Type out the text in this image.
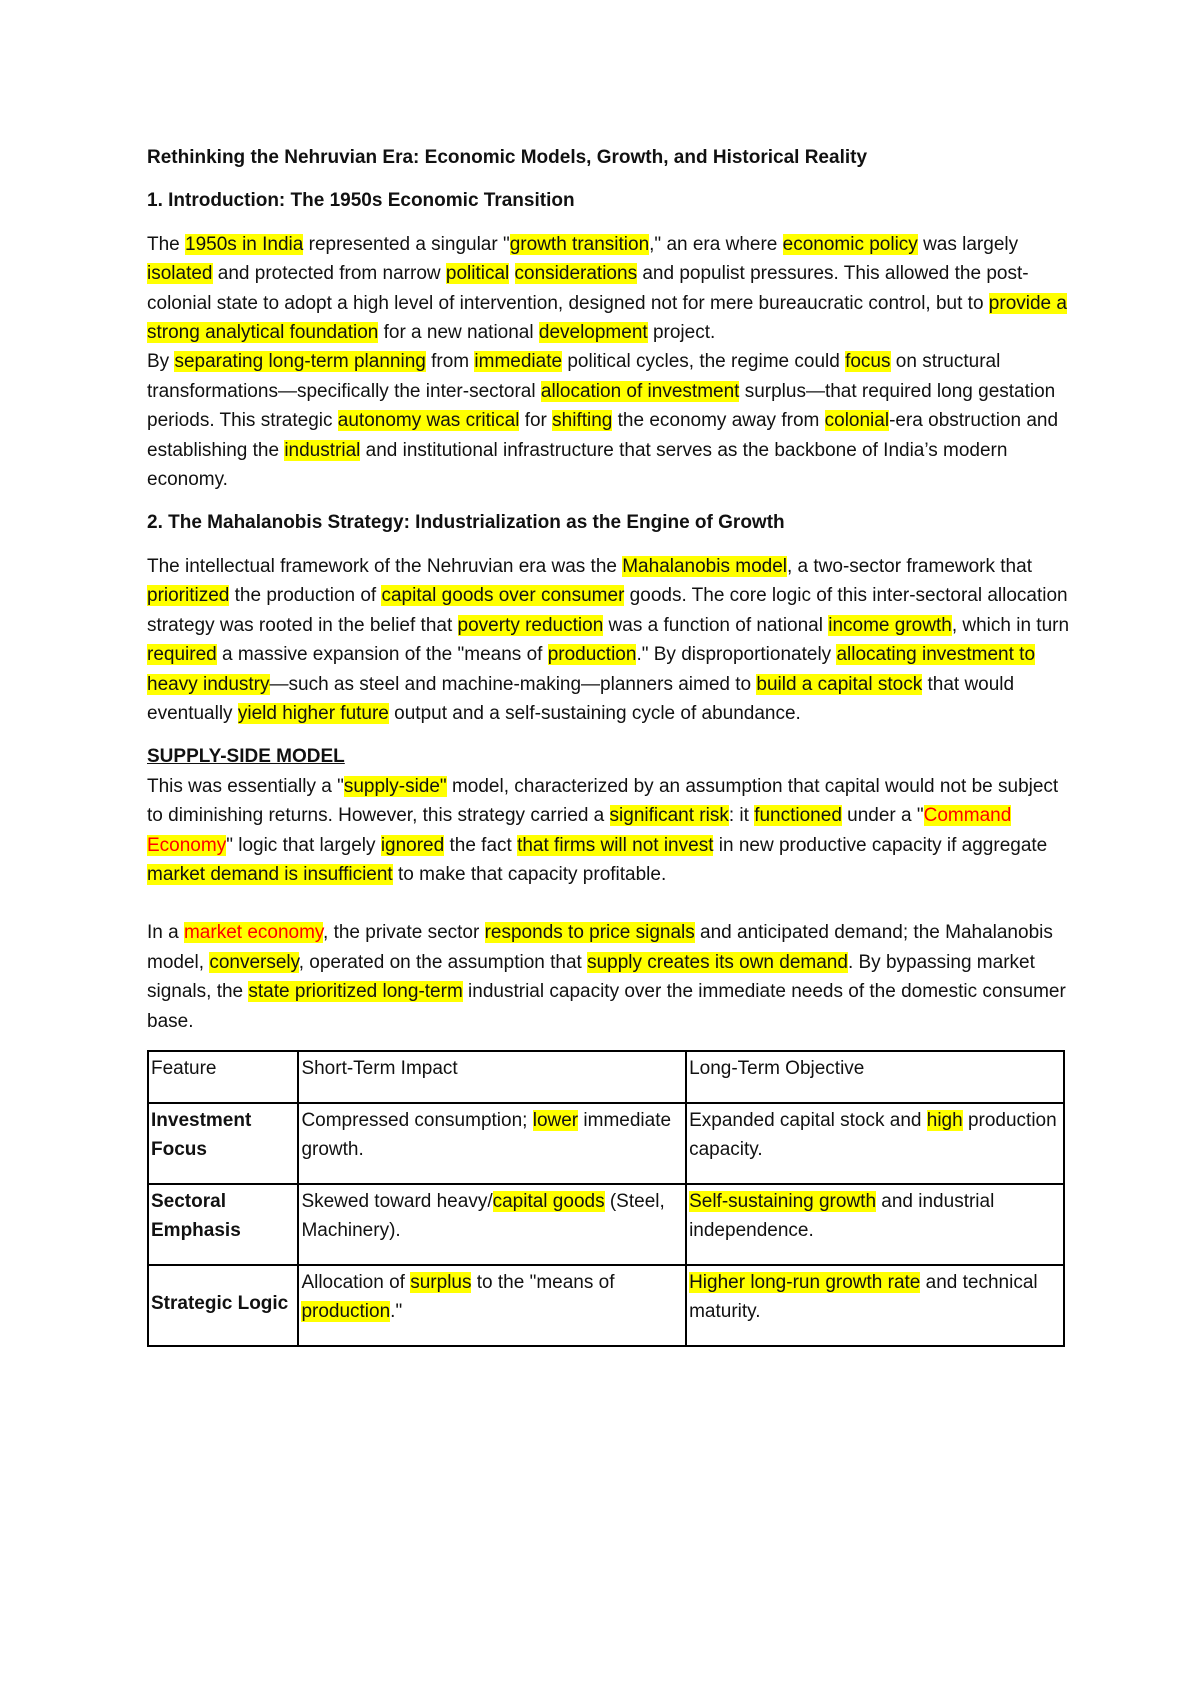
Rethinking the Nehruvian Era: Economic Models, Growth, and Historical Reality
1. Introduction: The 1950s Economic Transition

The 1950s in India represented a singular "growth transition," an era where economic policy was largely isolated and protected from narrow political considerations and populist pressures. This allowed the post-colonial state to adopt a high level of intervention, designed not for mere bureaucratic control, but to provide a strong analytical foundation for a new national development project.

By separating long-term planning from immediate political cycles, the regime could focus on structural transformations—specifically the inter-sectoral allocation of investment surplus—that required long gestation periods. This strategic autonomy was critical for shifting the economy away from colonial-era obstruction and establishing the industrial and institutional infrastructure that serves as the backbone of India’s modern economy.

2. The Mahalanobis Strategy: Industrialization as the Engine of Growth

The intellectual framework of the Nehruvian era was the Mahalanobis model, a two-sector framework that prioritized the production of capital goods over consumer goods. The core logic of this inter-sectoral allocation strategy was rooted in the belief that poverty reduction was a function of national income growth, which in turn required a massive expansion of the "means of production." By disproportionately allocating investment to heavy industry—such as steel and machine-making—planners aimed to build a capital stock that would eventually yield higher future output and a self-sustaining cycle of abundance.

SUPPLY-SIDE MODEL

This was essentially a "supply-side" model, characterized by an assumption that capital would not be subject to diminishing returns. However, this strategy carried a significant risk: it functioned under a "Command Economy" logic that largely ignored the fact that firms will not invest in new productive capacity if aggregate market demand is insufficient to make that capacity profitable.

In a market economy, the private sector responds to price signals and anticipated demand; the Mahalanobis model, conversely, operated on the assumption that supply creates its own demand. By bypassing market signals, the state prioritized long-term industrial capacity over the immediate needs of the domestic consumer base.

Feature	Short-Term Impact	Long-Term Objective
Investment Focus	Compressed consumption; lower immediate growth.	Expanded capital stock and high production capacity.
Sectoral Emphasis	Skewed toward heavy/capital goods (Steel, Machinery).	Self-sustaining growth and industrial independence.
Strategic Logic	Allocation of surplus to the "means of production."	Higher long-run growth rate and technical maturity.
